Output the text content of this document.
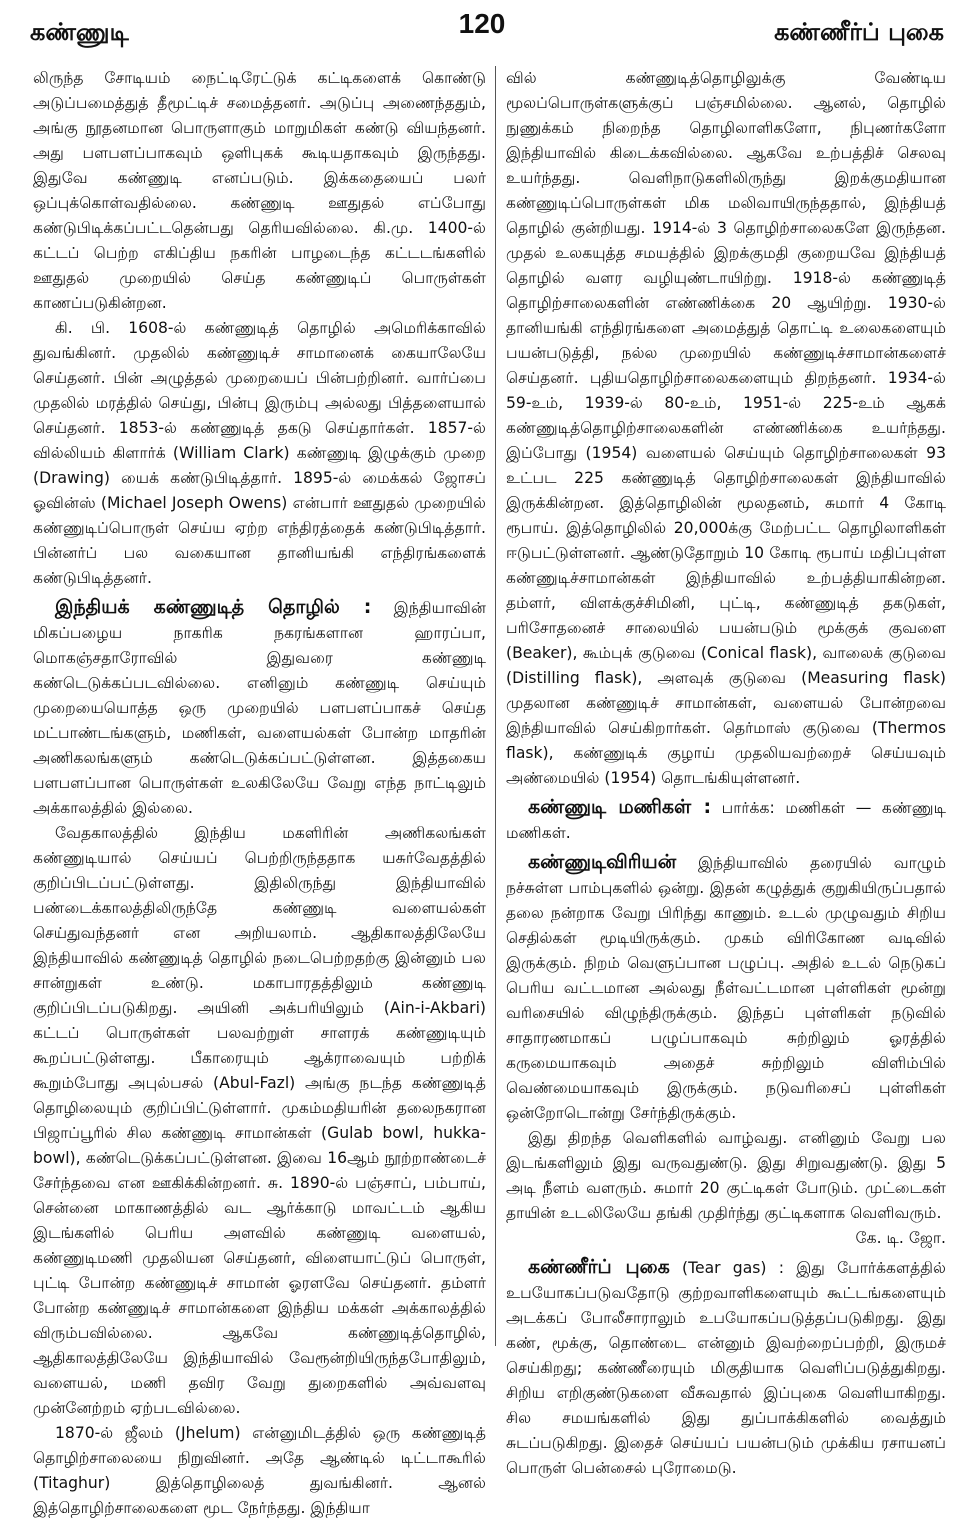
கண்ணுடி	120	கண்ணீர்ப் புகை

லிருந்த சோடியம் நைட்டிரேட்டுக் கட்டிகளைக் கொண்டு அடுப்பமைத்துத் தீமூட்டிச் சமைத்தனர். அடுப்பு அணைந்ததும், அங்கு நூதனமான பொருளாகும் மாறுமிகள் கண்டு வியந்தனர். அது பளபளப்பாகவும் ஒளிபுகக் கூடியதாகவும் இருந்தது. இதுவே கண்ணுடி எனப்படும். இக்கதையைப் பலர் ஒப்புக்கொள்வதில்லை. கண்ணுடி ஊதுதல் எப்போது கண்டுபிடிக்கப்பட்டதென்பது தெரியவில்லை. கி.மு. 1400-ல் கட்டப் பெற்ற எகிப்திய நகரின் பாழடைந்த கட்டடங்களில் ஊதுதல் முறையில் செய்த கண்ணுடிப் பொருள்கள் காணப்படுகின்றன.

கி. பி. 1608-ல் கண்ணுடித் தொழில் அமெரிக்காவில் துவங்கினர். முதலில் கண்ணுடிச் சாமானைக் கையாலேயே செய்தனர். பின் அழுத்தல் முறையைப் பின்பற்றினர். வார்ப்பை முதலில் மரத்தில் செய்து, பின்பு இரும்பு அல்லது பித்தளையால் செய்தனர். 1853-ல் கண்ணுடித் தகடு செய்தார்கள். 1857-ல் வில்லியம் கிளார்க் (William Clark) கண்ணுடி இழுக்கும் முறை (Drawing) யைக் கண்டுபிடித்தார். 1895-ல் மைக்கல் ஜோசப் ஓவின்ஸ் (Michael Joseph Owens) என்பார் ஊதுதல் முறையில் கண்ணுடிப்பொருள் செய்ய ஏற்ற எந்திரத்தைக் கண்டுபிடித்தார். பின்னர்ப் பல வகையான தானியங்கி எந்திரங்களைக் கண்டுபிடித்தனர்.

இந்தியக் கண்ணுடித் தொழில் : இந்தியாவின் மிகப்பழைய நாகரிக நகரங்களான ஹாரப்பா, மொகஞ்சதாரோவில் இதுவரை கண்ணுடி கண்டெடுக்கப்படவில்லை. எனினும் கண்ணுடி செய்யும் முறையையொத்த ஒரு முறையில் பளபளப்பாகச் செய்த மட்பாண்டங்களும், மணிகள், வளையல்கள் போன்ற மாதரின் அணிகலங்களும் கண்டெடுக்கப்பட்டுள்ளன. இத்தகைய பளபளப்பான பொருள்கள் உலகிலேயே வேறு எந்த நாட்டிலும் அக்காலத்தில் இல்லை.

வேதகாலத்தில் இந்திய மகளிரின் அணிகலங்கள் கண்ணுடியால் செய்யப் பெற்றிருந்ததாக யசுர்வேதத்தில் குறிப்பிடப்பட்டுள்ளது. இதிலிருந்து இந்தியாவில் பண்டைக்காலத்திலிருந்தே கண்ணுடி வளையல்கள் செய்துவந்தனர் என அறியலாம். ஆதிகாலத்திலேயே இந்தியாவில் கண்ணுடித் தொழில் நடைபெற்றதற்கு இன்னும் பல சான்றுகள் உண்டு. மகாபாரதத்திலும் கண்ணுடி குறிப்பிடப்படுகிறது. அயினி அக்பரியிலும் (Ain-i-Akbari) கட்டப் பொருள்கள் பலவற்றுள் சாளரக் கண்ணுடியும் கூறப்பட்டுள்ளது. பீகாரையும் ஆக்ராவையும் பற்றிக் கூறும்போது அபுல்பசல் (Abul-Fazl) அங்கு நடந்த கண்ணுடித் தொழிலையும் குறிப்பிட்டுள்ளார். முகம்மதியரின் தலைநகரான பிஜாப்பூரில் சில கண்ணுடி சாமான்கள் (Gulab bowl, hukka-bowl), கண்டெடுக்கப்பட்டுள்ளன. இவை 16ஆம் நூற்றாண்டைச் சேர்ந்தவை என ஊகிக்கின்றனர். சு. 1890-ல் பஞ்சாப், பம்பாய், சென்னை மாகாணத்தில் வட ஆர்க்காடு மாவட்டம் ஆகிய இடங்களில் பெரிய அளவில் கண்ணுடி வளையல், கண்ணுடிமணி முதலியன செய்தனர், விளையாட்டுப் பொருள், புட்டி போன்ற கண்ணுடிச் சாமான் ஓரளவே செய்தனர். தம்ளர் போன்ற கண்ணுடிச் சாமான்களை இந்திய மக்கள் அக்காலத்தில் விரும்பவில்லை. ஆகவே கண்ணுடித்தொழில், ஆதிகாலத்திலேயே இந்தியாவில் வேரூன்றியிருந்தபோதிலும், வளையல், மணி தவிர வேறு துறைகளில் அவ்வளவு முன்னேற்றம் ஏற்படவில்லை.

1870-ல் ஜீலம் (Jhelum) என்னுமிடத்தில் ஒரு கண்ணுடித் தொழிற்சாலையை நிறுவினர். அதே ஆண்டில் டிட்டாகூரில் (Titaghur) இத்தொழிலைத் துவங்கினர். ஆனல் இத்தொழிற்சாலைகளை மூட நேர்ந்தது. இந்தியா

வில் கண்ணுடித்தொழிலுக்கு வேண்டிய மூலப்பொருள்களுக்குப் பஞ்சமில்லை. ஆனல், தொழில் நுணுக்கம் நிறைந்த தொழிலாளிகளோ, நிபுணர்களோ இந்தியாவில் கிடைக்கவில்லை. ஆகவே உற்பத்திச் செலவு உயர்ந்தது. வெளிநாடுகளிலிருந்து இறக்குமதியான கண்ணுடிப்பொருள்கள் மிக மலிவாயிருந்ததால், இந்தியத் தொழில் குன்றியது. 1914-ல் 3 தொழிற்சாலைகளே இருந்தன. முதல் உலகயுத்த சமயத்தில் இறக்குமதி குறையவே இந்தியத் தொழில் வளர வழியுண்டாயிற்று. 1918-ல் கண்ணுடித் தொழிற்சாலைகளின் எண்ணிக்கை 20 ஆயிற்று. 1930-ல் தானியங்கி எந்திரங்களை அமைத்துத் தொட்டி உலைகளையும் பயன்படுத்தி, நல்ல முறையில் கண்ணுடிச்சாமான்களைச் செய்தனர். புதியதொழிற்சாலைகளையும் திறந்தனர். 1934-ல் 59-உம், 1939-ல் 80-உம், 1951-ல் 225-உம் ஆகக் கண்ணுடித்தொழிற்சாலைகளின் எண்ணிக்கை உயர்ந்தது. இப்போது (1954) வளையல் செய்யும் தொழிற்சாலைகள் 93 உட்பட 225 கண்ணுடித் தொழிற்சாலைகள் இந்தியாவில் இருக்கின்றன. இத்தொழிலின் மூலதனம், சுமார் 4 கோடி ரூபாய். இத்தொழிலில் 20,000க்கு மேற்பட்ட தொழிலாளிகள் ஈடுபட்டுள்ளனர். ஆண்டுதோறும் 10 கோடி ரூபாய் மதிப்புள்ள கண்ணுடிச்சாமான்கள் இந்தியாவில் உற்பத்தியாகின்றன. தம்ளர், விளக்குச்சிமினி, புட்டி, கண்ணுடித் தகடுகள், பரிசோதனைச் சாலையில் பயன்படும் மூக்குக் குவளை (Beaker), கூம்புக் குடுவை (Conical flask), வாலைக் குடுவை (Distilling flask), அளவுக் குடுவை (Measuring flask) முதலான கண்ணுடிச் சாமான்கள், வளையல் போன்றவை இந்தியாவில் செய்கிறார்கள். தெர்மாஸ் குடுவை (Thermos flask), கண்ணுடிக் குழாய் முதலியவற்றைச் செய்யவும் அண்மையில் (1954) தொடங்கியுள்ளனர்.

கண்ணுடி மணிகள் : பார்க்க: மணிகள் — கண்ணுடி மணிகள்.

கண்ணுடிவிரியன் இந்தியாவில் தரையில் வாழும் நச்சுள்ள பாம்புகளில் ஒன்று. இதன் கழுத்துக் குறுகியிருப்பதால் தலை நன்றாக வேறு பிரிந்து காணும். உடல் முழுவதும் சிறிய செதில்கள் மூடியிருக்கும். முகம் விரிகோண வடிவில் இருக்கும். நிறம் வெளுப்பான பழுப்பு. அதில் உடல் நெடுகப் பெரிய வட்டமான அல்லது நீள்வட்டமான புள்ளிகள் மூன்று வரிசையில் விழுந்திருக்கும். இந்தப் புள்ளிகள் நடுவில் சாதாரணமாகப் பழுப்பாகவும் சுற்றிலும் ஓரத்தில் கருமையாகவும் அதைச் சுற்றிலும் விளிம்பில் வெண்மையாகவும் இருக்கும். நடுவரிசைப் புள்ளிகள் ஒன்றோடொன்று சேர்ந்திருக்கும்.

இது திறந்த வெளிகளில் வாழ்வது. எனினும் வேறு பல இடங்களிலும் இது வருவதுண்டு. இது சிறுவதுண்டு. இது 5 அடி நீளம் வளரும். சுமார் 20 குட்டிகள் போடும். முட்டைகள் தாயின் உடலிலேயே தங்கி முதிர்ந்து குட்டிகளாக வெளிவரும்.

கே. டி. ஜோ.

கண்ணீர்ப் புகை (Tear gas) : இது போர்க்களத்தில் உபயோகப்படுவதோடு குற்றவாளிகளையும் கூட்டங்களையும் அடக்கப் போலீசாராலும் உபயோகப்படுத்தப்படுகிறது. இது கண், மூக்கு, தொண்டை என்னும் இவற்றைப்பற்றி, இருமச் செய்கிறது; கண்ணீரையும் மிகுதியாக வெளிப்படுத்துகிறது. சிறிய எறிகுண்டுகளை வீசுவதால் இப்புகை வெளியாகிறது. சில சமயங்களில் இது துப்பாக்கிகளில் வைத்தும் சுடப்படுகிறது. இதைச் செய்யப் பயன்படும் முக்கிய ரசாயனப் பொருள் பென்சைல் புரோமைடு.
